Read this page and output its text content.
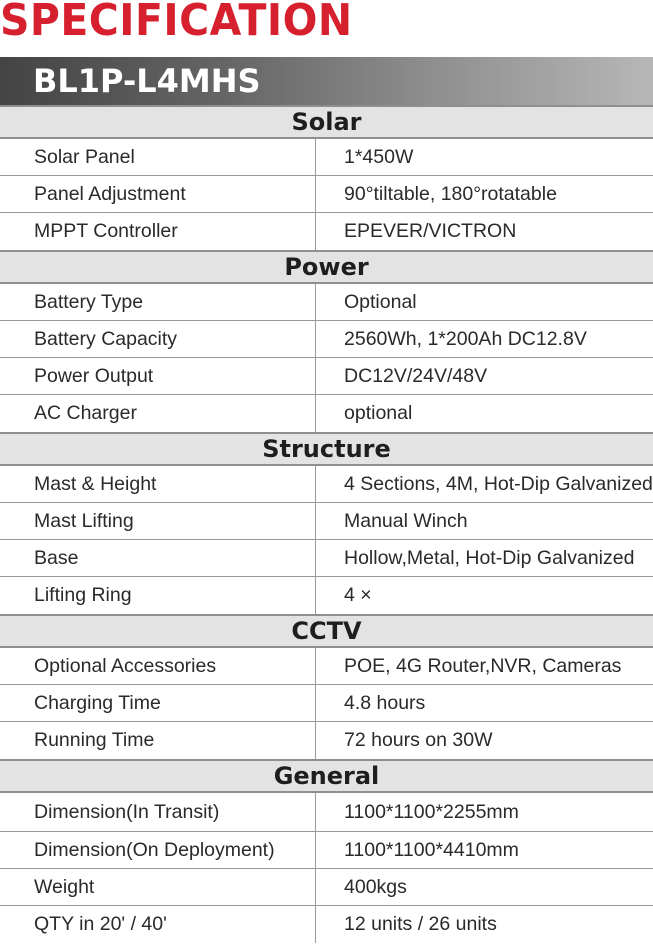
SPECIFICATION
BL1P-L4MHS
Solar
Solar Panel	1*450W
Panel Adjustment	90°tiltable, 180°rotatable
MPPT Controller	EPEVER/VICTRON
Power
Battery Type	Optional
Battery Capacity	2560Wh, 1*200Ah DC12.8V
Power Output	DC12V/24V/48V
AC Charger	optional
Structure
Mast & Height	4 Sections, 4M, Hot-Dip Galvanized
Mast Lifting	Manual Winch
Base	Hollow,Metal, Hot-Dip Galvanized
Lifting Ring	4 ×
CCTV
Optional Accessories	POE, 4G Router,NVR, Cameras
Charging Time	4.8 hours
Running Time	72 hours on 30W
General
Dimension(In Transit)	1100*1100*2255mm
Dimension(On Deployment)	1100*1100*4410mm
Weight	400kgs
QTY in 20' / 40'	12 units / 26 units
